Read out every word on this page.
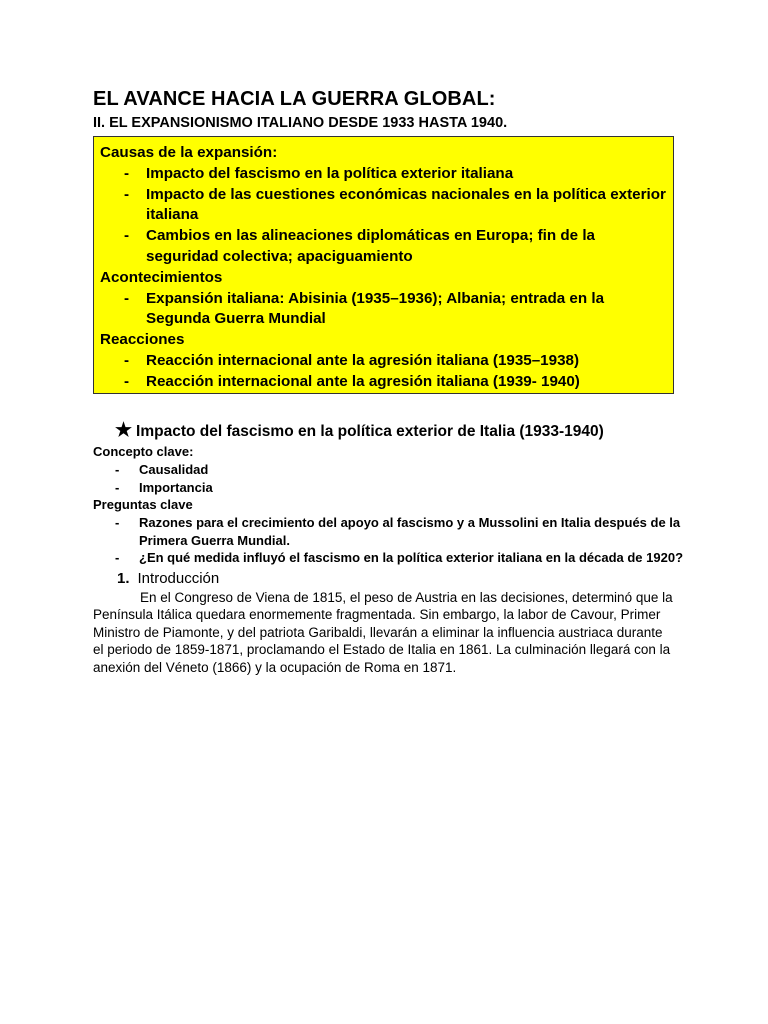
EL AVANCE HACIA LA GUERRA GLOBAL:
II. EL EXPANSIONISMO ITALIANO DESDE 1933 HASTA 1940.

Causas de la expansión:

- Impacto del fascismo en la política exterior italiana
- Impacto de las cuestiones económicas nacionales en la política exterior italiana
- Cambios en las alineaciones diplomáticas en Europa; fin de la seguridad colectiva; apaciguamiento

Acontecimientos

- Expansión italiana: Abisinia (1935–1936); Albania; entrada en la Segunda Guerra Mundial

Reacciones

- Reacción internacional ante la agresión italiana (1935–1938)
- Reacción internacional ante la agresión italiana (1939- 1940)

★ Impacto del fascismo en la política exterior de Italia (1933-1940)

Concepto clave:

- Causalidad
- Importancia

Preguntas clave

- Razones para el crecimiento del apoyo al fascismo y a Mussolini en Italia después de la Primera Guerra Mundial.
- ¿En qué medida influyó el fascismo en la política exterior italiana en la década de 1920?

1. Introducción

En el Congreso de Viena de 1815, el peso de Austria en las decisiones, determinó que la Península Itálica quedara enormemente fragmentada. Sin embargo, la labor de Cavour, Primer Ministro de Piamonte, y del patriota Garibaldi, llevarán a eliminar la influencia austriaca durante el periodo de 1859-1871, proclamando el Estado de Italia en 1861. La culminación llegará con la anexión del Véneto (1866) y la ocupación de Roma en 1871.
